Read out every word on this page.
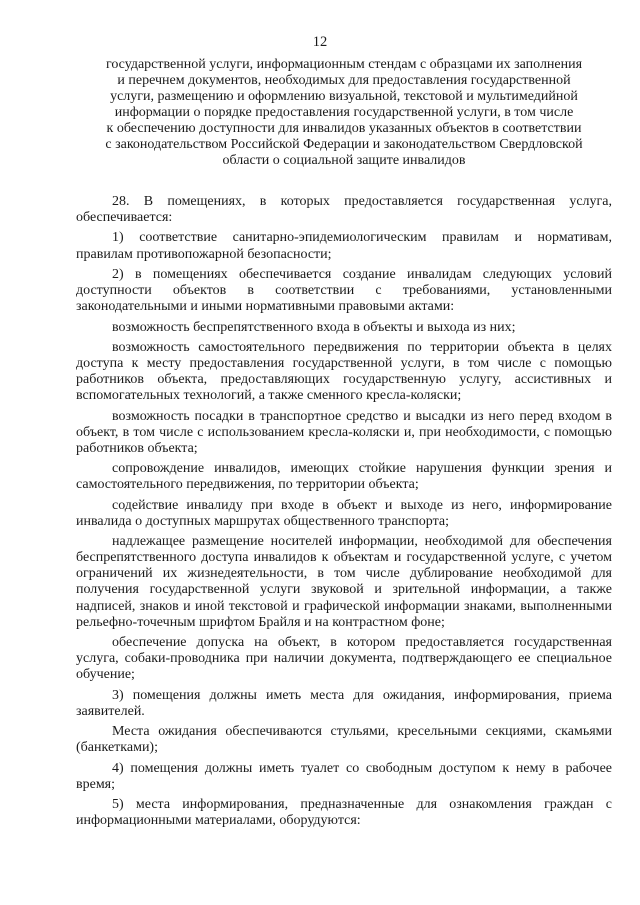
12
государственной услуги, информационным стендам с образцами их заполнения
и перечнем документов, необходимых для предоставления государственной
услуги, размещению и оформлению визуальной, текстовой и мультимедийной
информации о порядке предоставления государственной услуги, в том числе
к обеспечению доступности для инвалидов указанных объектов в соответствии
с законодательством Российской Федерации и законодательством Свердловской
области о социальной защите инвалидов

28. В помещениях, в которых предоставляется государственная услуга, обеспечивается:

1) соответствие санитарно-эпидемиологическим правилам и нормативам, правилам противопожарной безопасности;

2) в помещениях обеспечивается создание инвалидам следующих условий доступности объектов в соответствии с требованиями, установленными законодательными и иными нормативными правовыми актами:

возможность беспрепятственного входа в объекты и выхода из них;

возможность самостоятельного передвижения по территории объекта в целях доступа к месту предоставления государственной услуги, в том числе с помощью работников объекта, предоставляющих государственную услугу, ассистивных и вспомогательных технологий, а также сменного кресла-коляски;

возможность посадки в транспортное средство и высадки из него перед входом в объект, в том числе с использованием кресла-коляски и, при необходимости, с помощью работников объекта;

сопровождение инвалидов, имеющих стойкие нарушения функции зрения и самостоятельного передвижения, по территории объекта;

содействие инвалиду при входе в объект и выходе из него, информирование инвалида о доступных маршрутах общественного транспорта;

надлежащее размещение носителей информации, необходимой для обеспечения беспрепятственного доступа инвалидов к объектам и государственной услуге, с учетом ограничений их жизнедеятельности, в том числе дублирование необходимой для получения государственной услуги звуковой и зрительной информации, а также надписей, знаков и иной текстовой и графической информации знаками, выполненными рельефно-точечным шрифтом Брайля и на контрастном фоне;

обеспечение допуска на объект, в котором предоставляется государственная услуга, собаки-проводника при наличии документа, подтверждающего ее специальное обучение;

3) помещения должны иметь места для ожидания, информирования, приема заявителей.

Места ожидания обеспечиваются стульями, кресельными секциями, скамьями (банкетками);

4) помещения должны иметь туалет со свободным доступом к нему в рабочее время;

5) места информирования, предназначенные для ознакомления граждан с информационными материалами, оборудуются:
